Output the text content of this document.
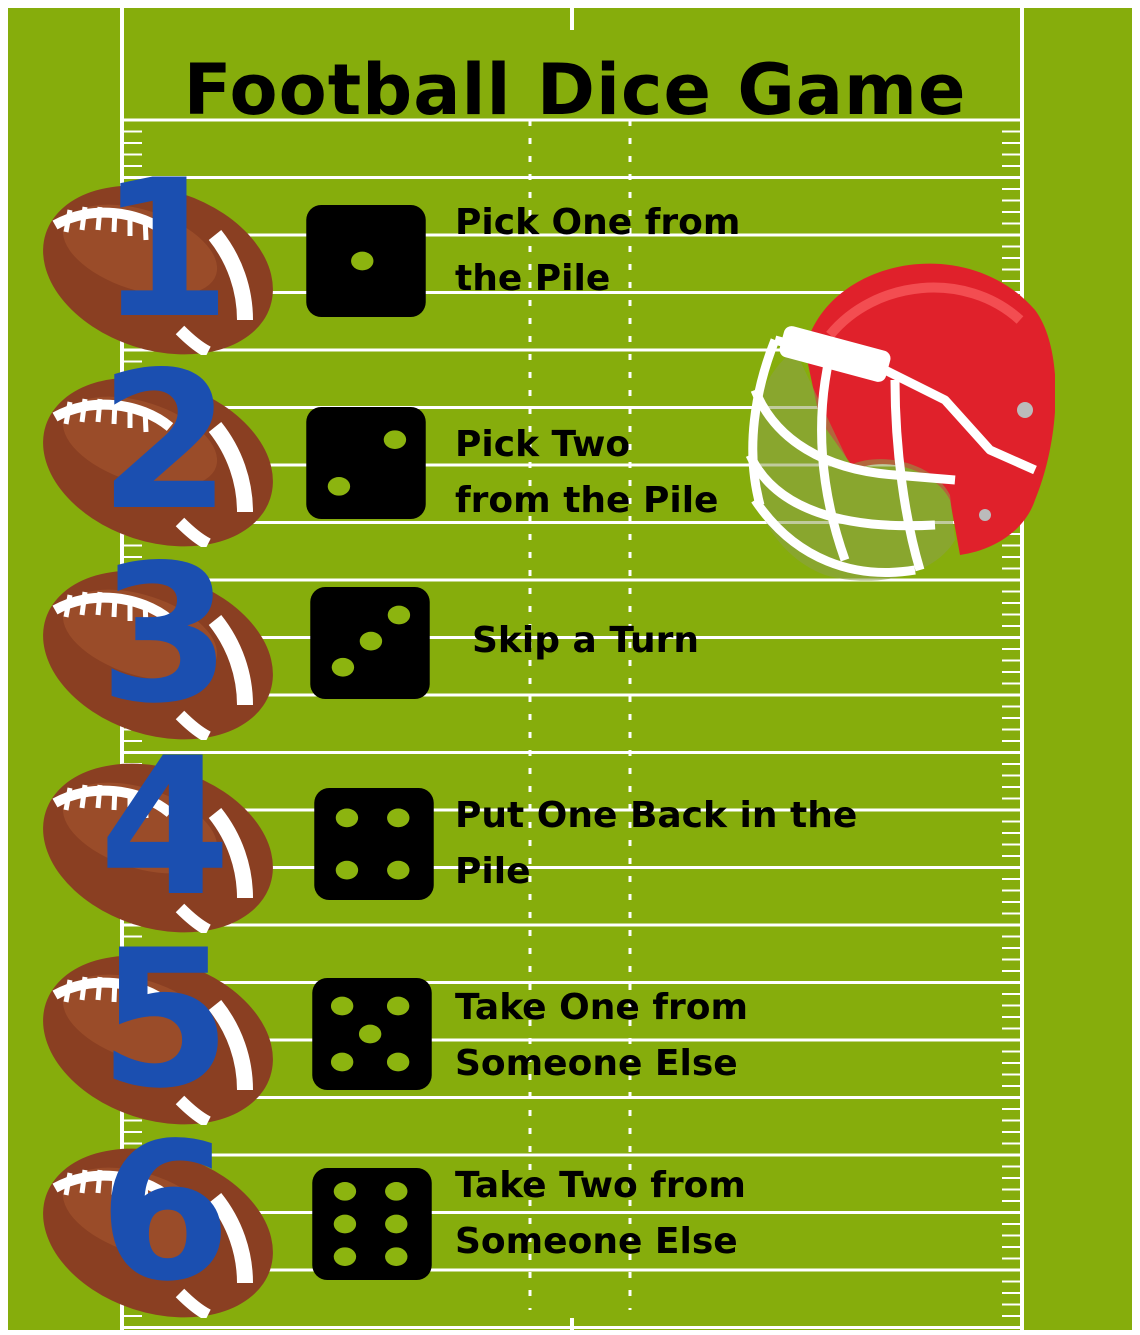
Football Dice Game
1	Pick One from
the Pile

2	Pick Two
from the Pile

3	Skip a Turn

4	Put One Back in the
Pile

5	Take One from
Someone Else

6	Take Two from
Someone Else
